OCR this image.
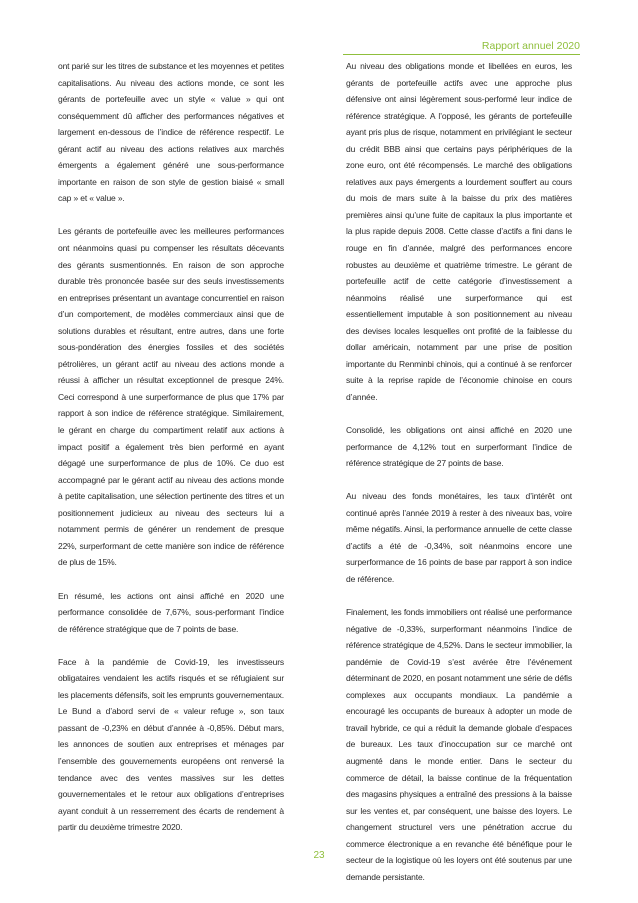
Rapport annuel 2020

ont parié sur les titres de substance et les moyennes et petites capitalisations. Au niveau des actions monde, ce sont les gérants de portefeuille avec un style « value » qui ont conséquemment dû afficher des performances négatives et largement en-dessous de l’indice de référence respectif. Le gérant actif au niveau des actions relatives aux marchés émergents a également généré une sous-performance importante en raison de son style de gestion biaisé « small cap » et « value ».

Les gérants de portefeuille avec les meilleures performances ont néanmoins quasi pu compenser les résultats décevants des gérants susmentionnés. En raison de son approche durable très prononcée basée sur des seuls investissements en entreprises présentant un avantage concurrentiel en raison d’un comportement, de modèles commerciaux ainsi que de solutions durables et résultant, entre autres, dans une forte sous-pondération des énergies fossiles et des sociétés pétrolières, un gérant actif au niveau des actions monde a réussi à afficher un résultat exceptionnel de presque 24%. Ceci correspond à une surperformance de plus que 17% par rapport à son indice de référence stratégique. Similairement, le gérant en charge du compartiment relatif aux actions à impact positif a également très bien performé en ayant dégagé une surperformance de plus de 10%. Ce duo est accompagné par le gérant actif au niveau des actions monde à petite capitalisation, une sélection pertinente des titres et un positionnement judicieux au niveau des secteurs lui a notamment permis de générer un rendement de presque 22%, surperformant de cette manière son indice de référence de plus de 15%.

En résumé, les actions ont ainsi affiché en 2020 une performance consolidée de 7,67%, sous-performant l’indice de référence stratégique que de 7 points de base.

Face à la pandémie de Covid-19, les investisseurs obligataires vendaient les actifs risqués et se réfugiaient sur les placements défensifs, soit les emprunts gouvernementaux. Le Bund a d’abord servi de « valeur refuge », son taux passant de -0,23% en début d’année à -0,85%. Début mars, les annonces de soutien aux entreprises et ménages par l’ensemble des gouvernements européens ont renversé la tendance avec des ventes massives sur les dettes gouvernementales et le retour aux obligations d’entreprises ayant conduit à un resserrement des écarts de rendement à partir du deuxième trimestre 2020.

Au niveau des obligations monde et libellées en euros, les gérants de portefeuille actifs avec une approche plus défensive ont ainsi légèrement sous-performé leur indice de référence stratégique. A l’opposé, les gérants de portefeuille ayant pris plus de risque, notamment en privilégiant le secteur du crédit BBB ainsi que certains pays périphériques de la zone euro, ont été récompensés. Le marché des obligations relatives aux pays émergents a lourdement souffert au cours du mois de mars suite à la baisse du prix des matières premières ainsi qu’une fuite de capitaux la plus importante et la plus rapide depuis 2008. Cette classe d’actifs a fini dans le rouge en fin d’année, malgré des performances encore robustes au deuxième et quatrième trimestre. Le gérant de portefeuille actif de cette catégorie d’investissement a néanmoins réalisé une surperformance qui est essentiellement imputable à son positionnement au niveau des devises locales lesquelles ont profité de la faiblesse du dollar américain, notamment par une prise de position importante du Renminbi chinois, qui a continué à se renforcer suite à la reprise rapide de l’économie chinoise en cours d’année.

Consolidé, les obligations ont ainsi affiché en 2020 une performance de 4,12% tout en surperformant l’indice de référence stratégique de 27 points de base.

Au niveau des fonds monétaires, les taux d’intérêt ont continué après l’année 2019 à rester à des niveaux bas, voire même négatifs. Ainsi, la performance annuelle de cette classe d’actifs a été de -0,34%, soit néanmoins encore une surperformance de 16 points de base par rapport à son indice de référence.

Finalement, les fonds immobiliers ont réalisé une performance négative de -0,33%, surperformant néanmoins l’indice de référence stratégique de 4,52%. Dans le secteur immobilier, la pandémie de Covid-19 s’est avérée être l’événement déterminant de 2020, en posant notamment une série de défis complexes aux occupants mondiaux. La pandémie a encouragé les occupants de bureaux à adopter un mode de travail hybride, ce qui a réduit la demande globale d’espaces de bureaux. Les taux d’inoccupation sur ce marché ont augmenté dans le monde entier. Dans le secteur du commerce de détail, la baisse continue de la fréquentation des magasins physiques a entraîné des pressions à la baisse sur les ventes et, par conséquent, une baisse des loyers. Le changement structurel vers une pénétration accrue du commerce électronique a en revanche été bénéfique pour le secteur de la logistique où les loyers ont été soutenus par une demande persistante.

23
